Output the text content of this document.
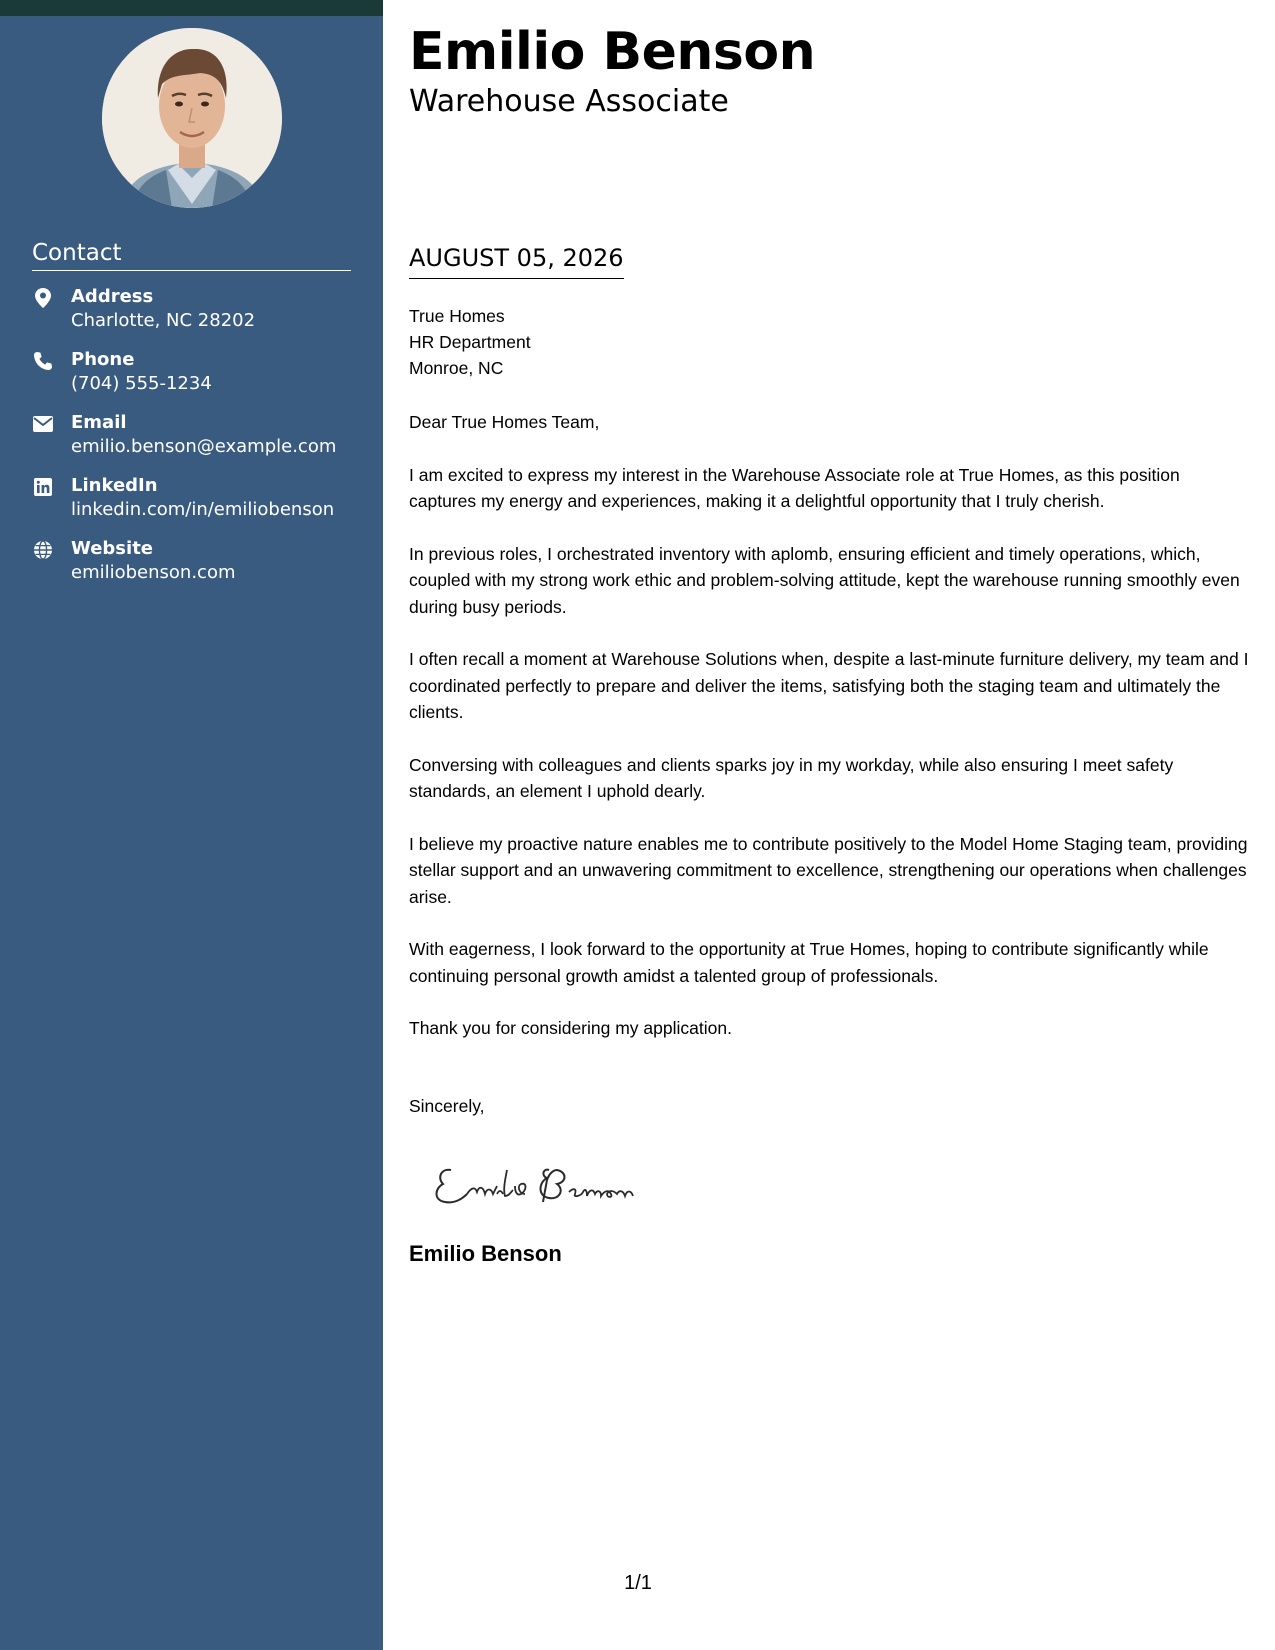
Contact
Address
Charlotte, NC 28202
Phone
(704) 555-1234
Email
emilio.benson@example.com
LinkedIn
linkedin.com/in/emiliobenson
Website
emiliobenson.com
Emilio Benson
Warehouse Associate
AUGUST 05, 2026
True Homes
HR Department
Monroe, NC

Dear True Homes Team,

I am excited to express my interest in the Warehouse Associate role at True Homes, as this position captures my energy and experiences, making it a delightful opportunity that I truly cherish.

In previous roles, I orchestrated inventory with aplomb, ensuring efficient and timely operations, which, coupled with my strong work ethic and problem-solving attitude, kept the warehouse running smoothly even during busy periods.

I often recall a moment at Warehouse Solutions when, despite a last-minute furniture delivery, my team and I coordinated perfectly to prepare and deliver the items, satisfying both the staging team and ultimately the clients.

Conversing with colleagues and clients sparks joy in my workday, while also ensuring I meet safety standards, an element I uphold dearly.

I believe my proactive nature enables me to contribute positively to the Model Home Staging team, providing stellar support and an unwavering commitment to excellence, strengthening our operations when challenges arise.

With eagerness, I look forward to the opportunity at True Homes, hoping to contribute significantly while continuing personal growth amidst a talented group of professionals.

Thank you for considering my application.

Sincerely,
Emilio Benson
1/1
